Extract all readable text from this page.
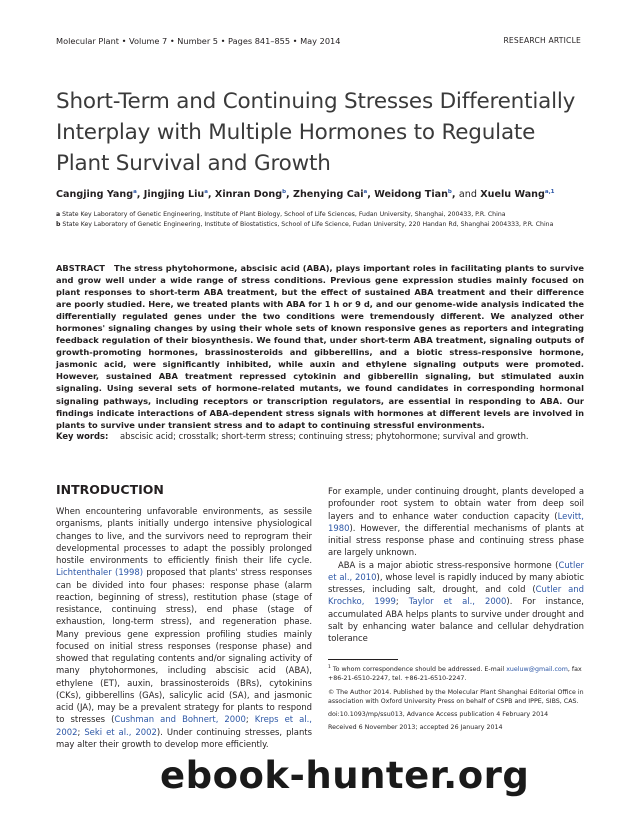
Molecular Plant • Volume 7 • Number 5 • Pages 841–855 • May 2014	RESEARCH ARTICLE
Short-Term and Continuing Stresses Differentially
Interplay with Multiple Hormones to Regulate
Plant Survival and Growth
Cangjing Yang$^a$, Jingjing Liu$^a$, Xinran Dong$^b$, Zhenying Cai$^a$, Weidong Tian$^b$, and Xuelu Wang$^{a,1}$
a State Key Laboratory of Genetic Engineering, Institute of Plant Biology, School of Life Sciences, Fudan University, Shanghai, 200433, P.R. China
b State Key Laboratory of Genetic Engineering, Institute of Biostatistics, School of Life Science, Fudan University, 220 Handan Rd, Shanghai 2004333, P.R. China

ABSTRACT The stress phytohormone, abscisic acid (ABA), plays important roles in facilitating plants to survive and grow well under a wide range of stress conditions. Previous gene expression studies mainly focused on plant responses to short-term ABA treatment, but the effect of sustained ABA treatment and their difference are poorly studied. Here, we treated plants with ABA for 1 h or 9 d, and our genome-wide analysis indicated the differentially regulated genes under the two conditions were tremendously different. We analyzed other hormones' signaling changes by using their whole sets of known responsive genes as reporters and integrating feedback regulation of their biosynthesis. We found that, under short-term ABA treatment, signaling outputs of growth-promoting hormones, brassinosteroids and gibberellins, and a biotic stress-responsive hormone, jasmonic acid, were significantly inhibited, while auxin and ethylene signaling outputs were promoted. However, sustained ABA treatment repressed cytokinin and gibberellin signaling, but stimulated auxin signaling. Using several sets of hormone-related mutants, we found candidates in corresponding hormonal signaling pathways, including receptors or transcription regulators, are essential in responding to ABA. Our findings indicate interactions of ABA-dependent stress signals with hormones at different levels are involved in plants to survive under transient stress and to adapt to continuing stressful environments.

Key words: abscisic acid; crosstalk; short-term stress; continuing stress; phytohormone; survival and growth.
INTRODUCTION

When encountering unfavorable environments, as sessile organisms, plants initially undergo intensive physiological changes to live, and the survivors need to reprogram their developmental processes to adapt the possibly prolonged hostile environments to efficiently finish their life cycle. Lichtenthaler (1998) proposed that plants' stress responses can be divided into four phases: response phase (alarm reaction, beginning of stress), restitution phase (stage of resistance, continuing stress), end phase (stage of exhaustion, long-term stress), and regeneration phase. Many previous gene expression profiling studies mainly focused on initial stress responses (response phase) and showed that regulating contents and/or signaling activity of many phytohormones, including abscisic acid (ABA), ethylene (ET), auxin, brassinosteroids (BRs), cytokinins (CKs), gibberellins (GAs), salicylic acid (SA), and jasmonic acid (JA), may be a prevalent strategy for plants to respond to stresses (Cushman and Bohnert, 2000; Kreps et al., 2002; Seki et al., 2002). Under continuing stresses, plants may alter their growth to develop more efficiently.

For example, under continuing drought, plants developed a profounder root system to obtain water from deep soil layers and to enhance water conduction capacity (Levitt, 1980). However, the differential mechanisms of plants at initial stress response phase and continuing stress phase are largely unknown.
ABA is a major abiotic stress-responsive hormone (Cutler et al., 2010), whose level is rapidly induced by many abiotic stresses, including salt, drought, and cold (Cutler and Krochko, 1999; Taylor et al., 2000). For instance, accumulated ABA helps plants to survive under drought and salt by enhancing water balance and cellular dehydration tolerance

$^1$ To whom correspondence should be addressed. E-mail xueluw@gmail.com, fax +86-21-6510-2247, tel. +86-21-6510-2247.

© The Author 2014. Published by the Molecular Plant Shanghai Editorial Office in association with Oxford University Press on behalf of CSPB and IPPE, SIBS, CAS.

doi:10.1093/mp/ssu013, Advance Access publication 4 February 2014

Received 6 November 2013; accepted 26 January 2014

ebook-hunter.org
